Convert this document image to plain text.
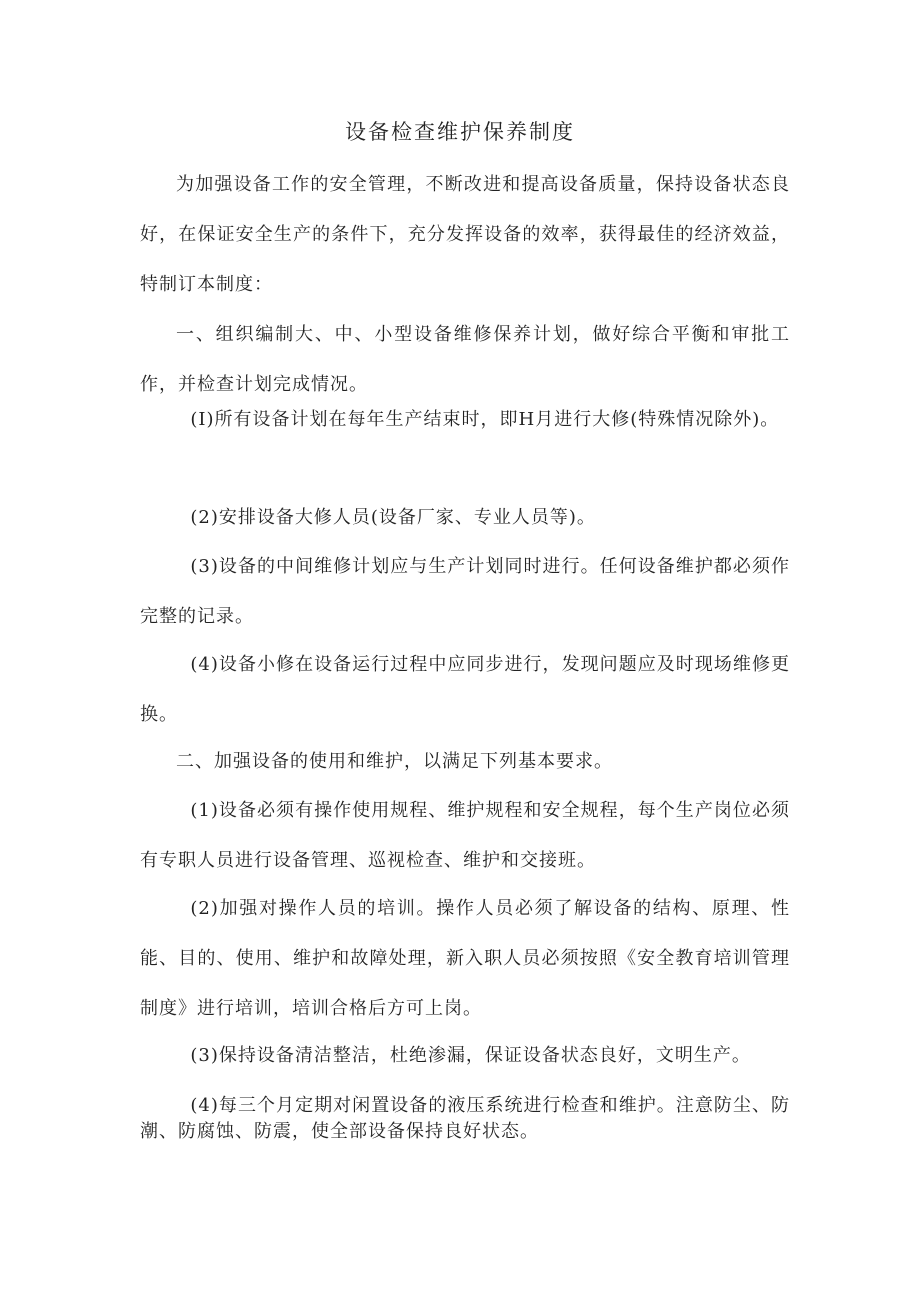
设备检查维护保养制度
为加强设备工作的安全管理，不断改进和提高设备质量，保持设备状态良好，在保证安全生产的条件下，充分发挥设备的效率，获得最佳的经济效益，特制订本制度：
一、组织编制大、中、小型设备维修保养计划，做好综合平衡和审批工作，并检查计划完成情况。
(I)所有设备计划在每年生产结束时，即H月进行大修(特殊情况除外)。
(2)安排设备大修人员(设备厂家、专业人员等)。
(3)设备的中间维修计划应与生产计划同时进行。任何设备维护都必须作完整的记录。
(4)设备小修在设备运行过程中应同步进行，发现问题应及时现场维修更换。
二、加强设备的使用和维护，以满足下列基本要求。
(1)设备必须有操作使用规程、维护规程和安全规程，每个生产岗位必须有专职人员进行设备管理、巡视检查、维护和交接班。
(2)加强对操作人员的培训。操作人员必须了解设备的结构、原理、性能、目的、使用、维护和故障处理，新入职人员必须按照《安全教育培训管理制度》进行培训，培训合格后方可上岗。
(3)保持设备清洁整洁，杜绝渗漏，保证设备状态良好，文明生产。
(4)每三个月定期对闲置设备的液压系统进行检查和维护。注意防尘、防潮、防腐蚀、防震，使全部设备保持良好状态。
